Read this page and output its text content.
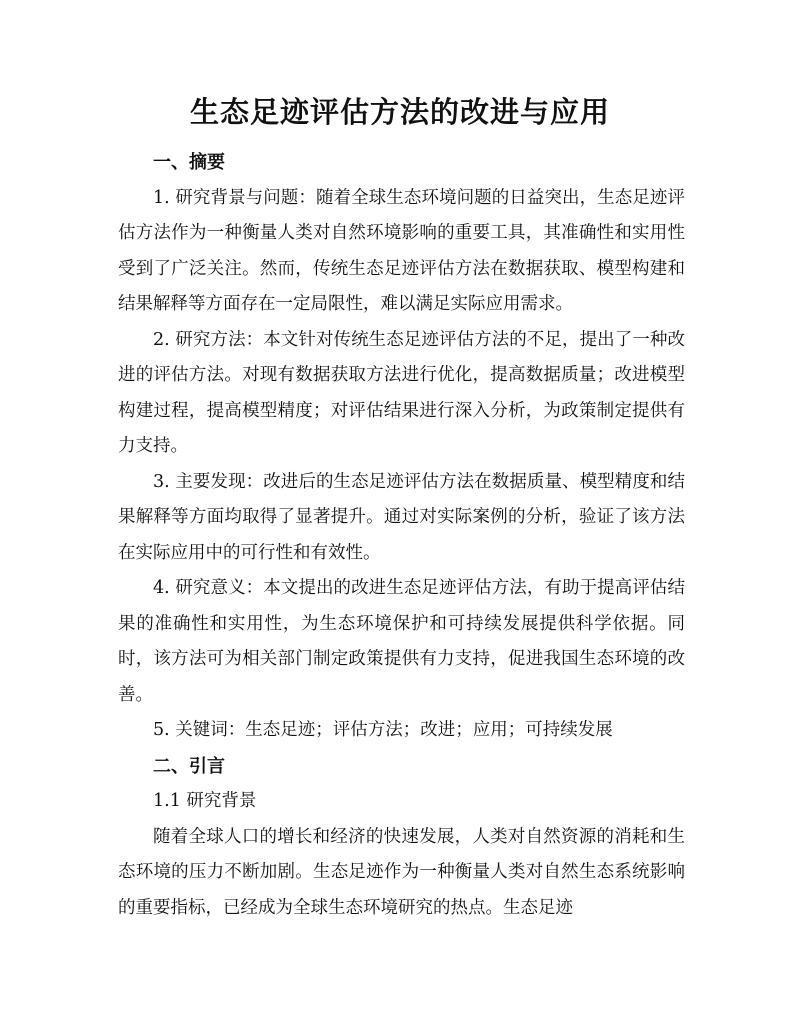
生态足迹评估方法的改进与应用

一、摘要

1. 研究背景与问题：随着全球生态环境问题的日益突出，生态足迹评估方法作为一种衡量人类对自然环境影响的重要工具，其准确性和实用性受到了广泛关注。然而，传统生态足迹评估方法在数据获取、模型构建和结果解释等方面存在一定局限性，难以满足实际应用需求。

2. 研究方法：本文针对传统生态足迹评估方法的不足，提出了一种改进的评估方法。对现有数据获取方法进行优化，提高数据质量；改进模型构建过程，提高模型精度；对评估结果进行深入分析，为政策制定提供有力支持。

3. 主要发现：改进后的生态足迹评估方法在数据质量、模型精度和结果解释等方面均取得了显著提升。通过对实际案例的分析，验证了该方法在实际应用中的可行性和有效性。

4. 研究意义：本文提出的改进生态足迹评估方法，有助于提高评估结果的准确性和实用性，为生态环境保护和可持续发展提供科学依据。同时，该方法可为相关部门制定政策提供有力支持，促进我国生态环境的改善。

5. 关键词：生态足迹；评估方法；改进；应用；可持续发展

二、引言

1.1 研究背景

随着全球人口的增长和经济的快速发展，人类对自然资源的消耗和生态环境的压力不断加剧。生态足迹作为一种衡量人类对自然生态系统影响的重要指标，已经成为全球生态环境研究的热点。生态足迹
